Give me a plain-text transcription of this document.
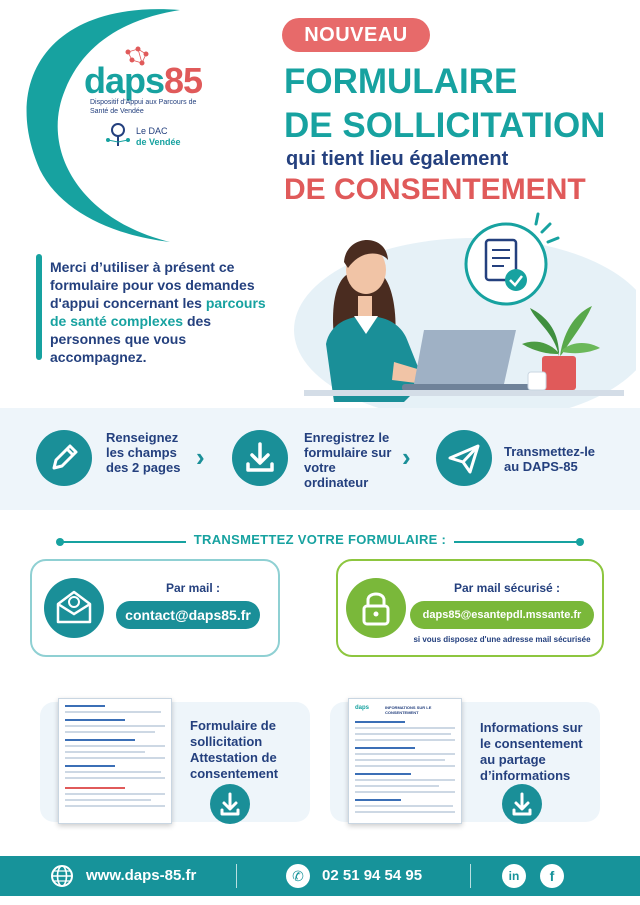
daps85
Dispositif d'Appui aux Parcours de Santé de Vendée
Le DAC
de Vendée
NOUVEAU
FORMULAIRE
DE SOLLICITATION
qui tient lieu également
DE CONSENTEMENT
Merci d’utiliser à présent ce formulaire pour vos demandes d'appui concernant les parcours de santé complexes des personnes que vous accompagnez.
Renseignez les champs des 2 pages ›
Enregistrez le formulaire sur votre ordinateur
›	Transmettez-le au DAPS-85
TRANSMETTEZ VOTRE FORMULAIRE :
Par mail :
contact@daps85.fr
Par mail sécurisé :
daps85@esantepdl.mssante.fr
si vous disposez d'une adresse mail sécurisée
Formulaire de sollicitation Attestation de consentement
daps	INFORMATIONS SUR LE CONSENTEMENT
Informations sur le consentement au partage d’informations
www.daps-85.fr	✆	02 51 94 54 95	in	f
